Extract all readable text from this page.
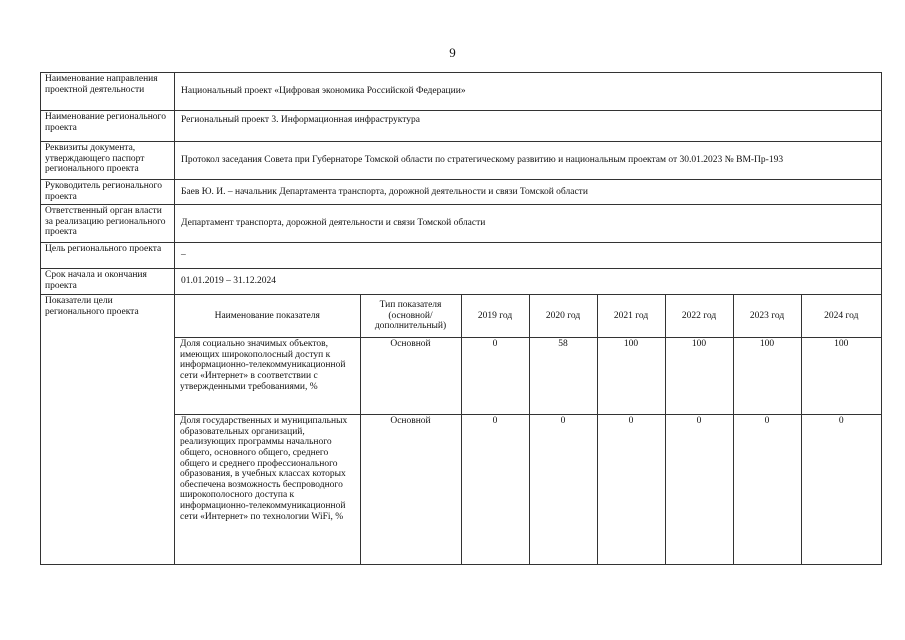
9
Наименование направления проектной деятельности	Национальный проект «Цифровая экономика Российской Федерации»
Наименование регионального проекта	Региональный проект 3. Информационная инфраструктура
Реквизиты документа, утверждающего паспорт регионального проекта	Протокол заседания Совета при Губернаторе Томской области по стратегическому развитию и национальным проектам от 30.01.2023 № ВМ-Пр-193
Руководитель регионального проекта	Баев Ю. И. – начальник Департамента транспорта, дорожной деятельности и связи Томской области
Ответственный орган власти за реализацию регионального проекта	Департамент транспорта, дорожной деятельности и связи Томской области
Цель регионального проекта	–
Срок начала и окончания проекта	01.01.2019 – 31.12.2024
Показатели цели регионального проекта		Наименование показателя	Тип показателя (основной/ дополнительный)	2019 год	2020 год	2021 год	2022 год	2023 год	2024 год
Доля социально значимых объектов, имеющих широкополосный доступ к информационно-телекоммуникационной сети «Интернет» в соответствии с утвержденными требованиями, %	Основной	0	58	100	100	100	100
Доля государственных и муниципальных образовательных организаций, реализующих программы начального общего, основного общего, среднего общего и среднего профессионального образования, в учебных классах которых обеспечена возможность беспроводного широкополосного доступа к информационно-телекоммуникационной сети «Интернет» по технологии WiFi, %	Основной	0	0	0	0	0	0
